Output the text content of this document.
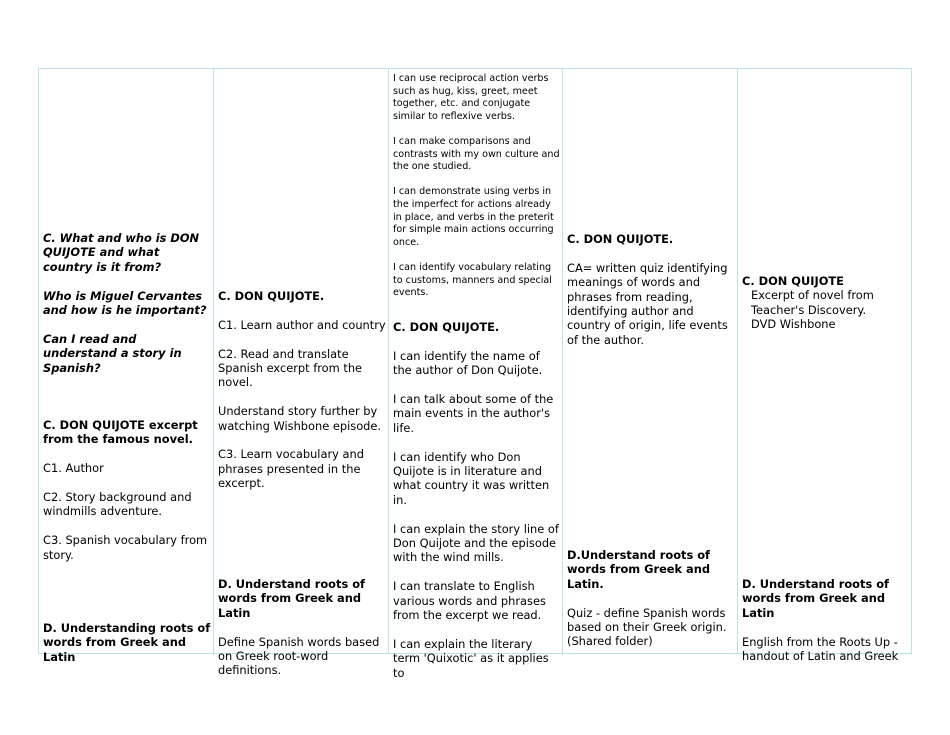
C. What and who is DON QUIJOTE and what country is it from?

Who is Miguel Cervantes and how is he important?

Can I read and understand a story in Spanish?

C. DON QUIJOTE excerpt from the famous novel.

C1. Author

C2. Story background and windmills adventure.

C3. Spanish vocabulary from story.

D. Understanding roots of words from Greek and Latin

C. DON QUIJOTE.

C1. Learn author and country

C2. Read and translate Spanish excerpt from the novel.

Understand story further by watching Wishbone episode.

C3. Learn vocabulary and phrases presented in the excerpt.

D. Understand roots of words from Greek and Latin

Define Spanish words based on Greek root-word definitions.

I can use reciprocal action verbs such as hug, kiss, greet, meet together, etc. and conjugate similar to reflexive verbs.

I can make comparisons and contrasts with my own culture and the one studied.

I can demonstrate using verbs in the imperfect for actions already in place, and verbs in the preterit for simple main actions occurring once.

I can identify vocabulary relating to customs, manners and special events.

C. DON QUIJOTE.

I can identify the name of the author of Don Quijote.

I can talk about some of the main events in the author's life.

I can identify who Don Quijote is in literature and what country it was written in.

I can explain the story line of Don Quijote and the episode with the wind mills.

I can translate to English various words and phrases from the excerpt we read.

I can explain the literary term 'Quixotic' as it applies to

C. DON QUIJOTE.

CA= written quiz identifying meanings of words and phrases from reading, identifying author and country of origin, life events of the author.

D.Understand roots of words from Greek and Latin.

Quiz - define Spanish words based on their Greek origin. (Shared folder)

C. DON QUIJOTE

Excerpt of novel from Teacher's Discovery.

DVD Wishbone

D. Understand roots of words from Greek and Latin

English from the Roots Up - handout of Latin and Greek
